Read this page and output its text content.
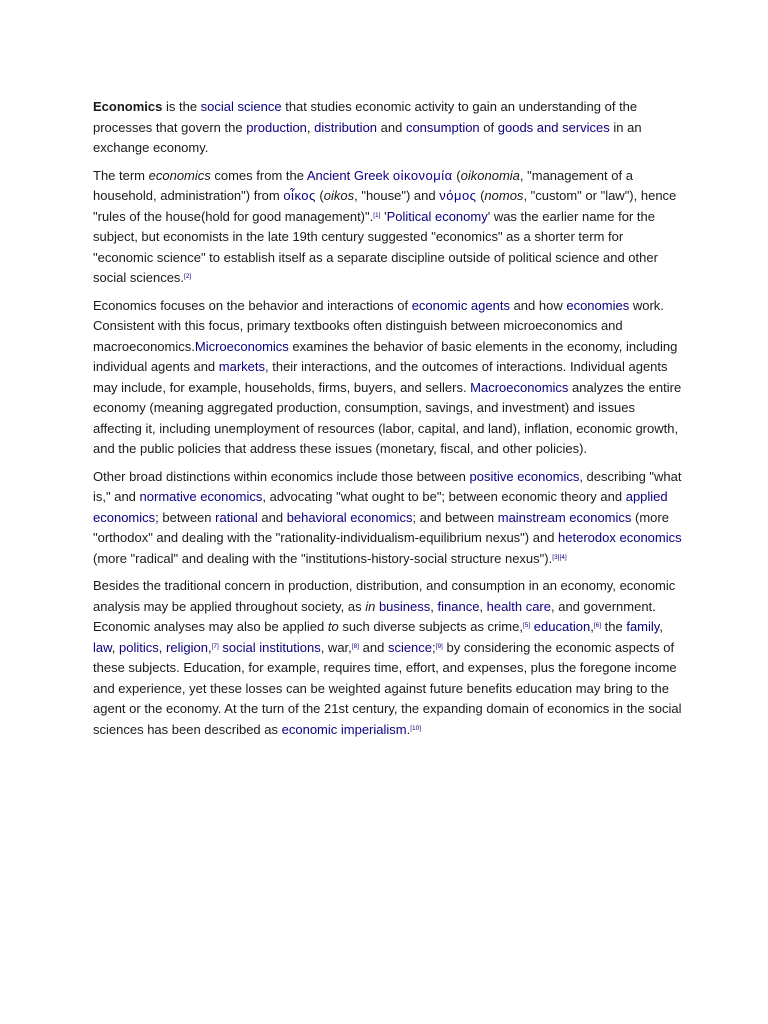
Economics is the social science that studies economic activity to gain an understanding of the processes that govern the production, distribution and consumption of goods and services in an exchange economy.

The term economics comes from the Ancient Greek οἰκονομία (oikonomia, "management of a household, administration") from οἶκος (oikos, "house") and νόμος (nomos, "custom" or "law"), hence "rules of the house(hold for good management)".[1] 'Political economy' was the earlier name for the subject, but economists in the late 19th century suggested "economics" as a shorter term for "economic science" to establish itself as a separate discipline outside of political science and other social sciences.[2]

Economics focuses on the behavior and interactions of economic agents and how economies work. Consistent with this focus, primary textbooks often distinguish between microeconomics and macroeconomics.Microeconomics examines the behavior of basic elements in the economy, including individual agents and markets, their interactions, and the outcomes of interactions. Individual agents may include, for example, households, firms, buyers, and sellers. Macroeconomics analyzes the entire economy (meaning aggregated production, consumption, savings, and investment) and issues affecting it, including unemployment of resources (labor, capital, and land), inflation, economic growth, and the public policies that address these issues (monetary, fiscal, and other policies).

Other broad distinctions within economics include those between positive economics, describing "what is," and normative economics, advocating "what ought to be"; between economic theory and applied economics; between rational and behavioral economics; and between mainstream economics (more "orthodox" and dealing with the "rationality-individualism-equilibrium nexus") and heterodox economics (more "radical" and dealing with the "institutions-history-social structure nexus").[3][4]

Besides the traditional concern in production, distribution, and consumption in an economy, economic analysis may be applied throughout society, as in business, finance, health care, and government. Economic analyses may also be applied to such diverse subjects as crime,[5] education,[6] the family, law, politics, religion,[7] social institutions, war,[8] and science;[9] by considering the economic aspects of these subjects. Education, for example, requires time, effort, and expenses, plus the foregone income and experience, yet these losses can be weighted against future benefits education may bring to the agent or the economy. At the turn of the 21st century, the expanding domain of economics in the social sciences has been described as economic imperialism.[10]
